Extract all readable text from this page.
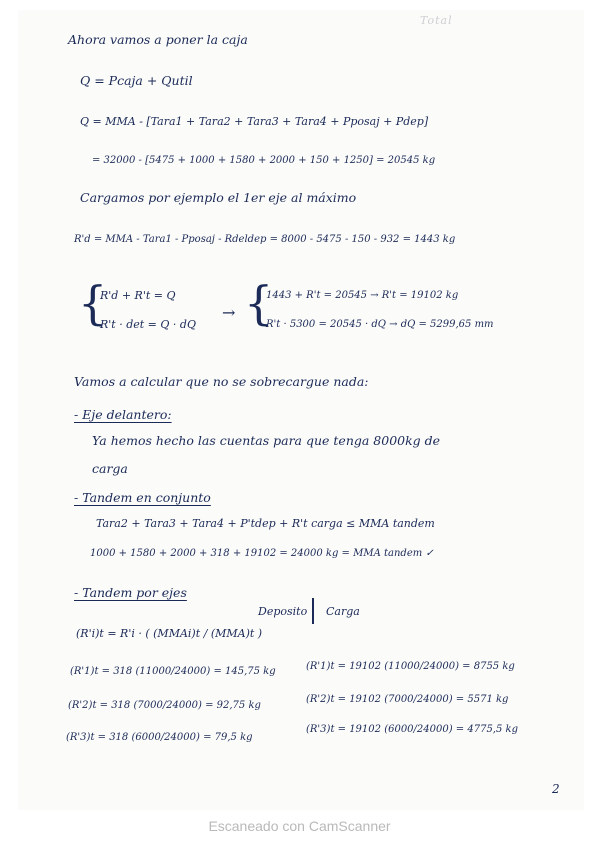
Total
Ahora vamos a poner la caja
Q = Pcaja + Qutil
Q = MMA - [Tara1 + Tara2 + Tara3 + Tara4 + Pposaj + Pdep]
= 32000 - [5475 + 1000 + 1580 + 2000 + 150 + 1250] = 20545 kg
Cargamos por ejemplo el 1er eje al máximo
R'd = MMA - Tara1 - Pposaj - Rdeldep = 8000 - 5475 - 150 - 932 = 1443 kg
{
R'd + R't = Q
R't · det = Q · dQ
→ {
1443 + R't = 20545 → R't = 19102 kg
R't · 5300 = 20545 · dQ → dQ = 5299,65 mm
Vamos a calcular que no se sobrecargue nada:
- Eje delantero:
Ya hemos hecho las cuentas para que tenga 8000kg de
carga
- Tandem en conjunto
Tara2 + Tara3 + Tara4 + P'tdep + R't carga ≤ MMA tandem
1000 + 1580 + 2000 + 318 + 19102 = 24000 kg = MMA tandem ✓
- Tandem por ejes
Deposito Carga
(R'i)t = R'i · ( (MMAi)t / (MMA)t )
(R'1)t = 318 (11000/24000) = 145,75 kg
(R'2)t = 318 (7000/24000) = 92,75 kg
(R'3)t = 318 (6000/24000) = 79,5 kg
(R'1)t = 19102 (11000/24000) = 8755 kg
(R'2)t = 19102 (7000/24000) = 5571 kg
(R'3)t = 19102 (6000/24000) = 4775,5 kg
2
Escaneado con CamScanner
